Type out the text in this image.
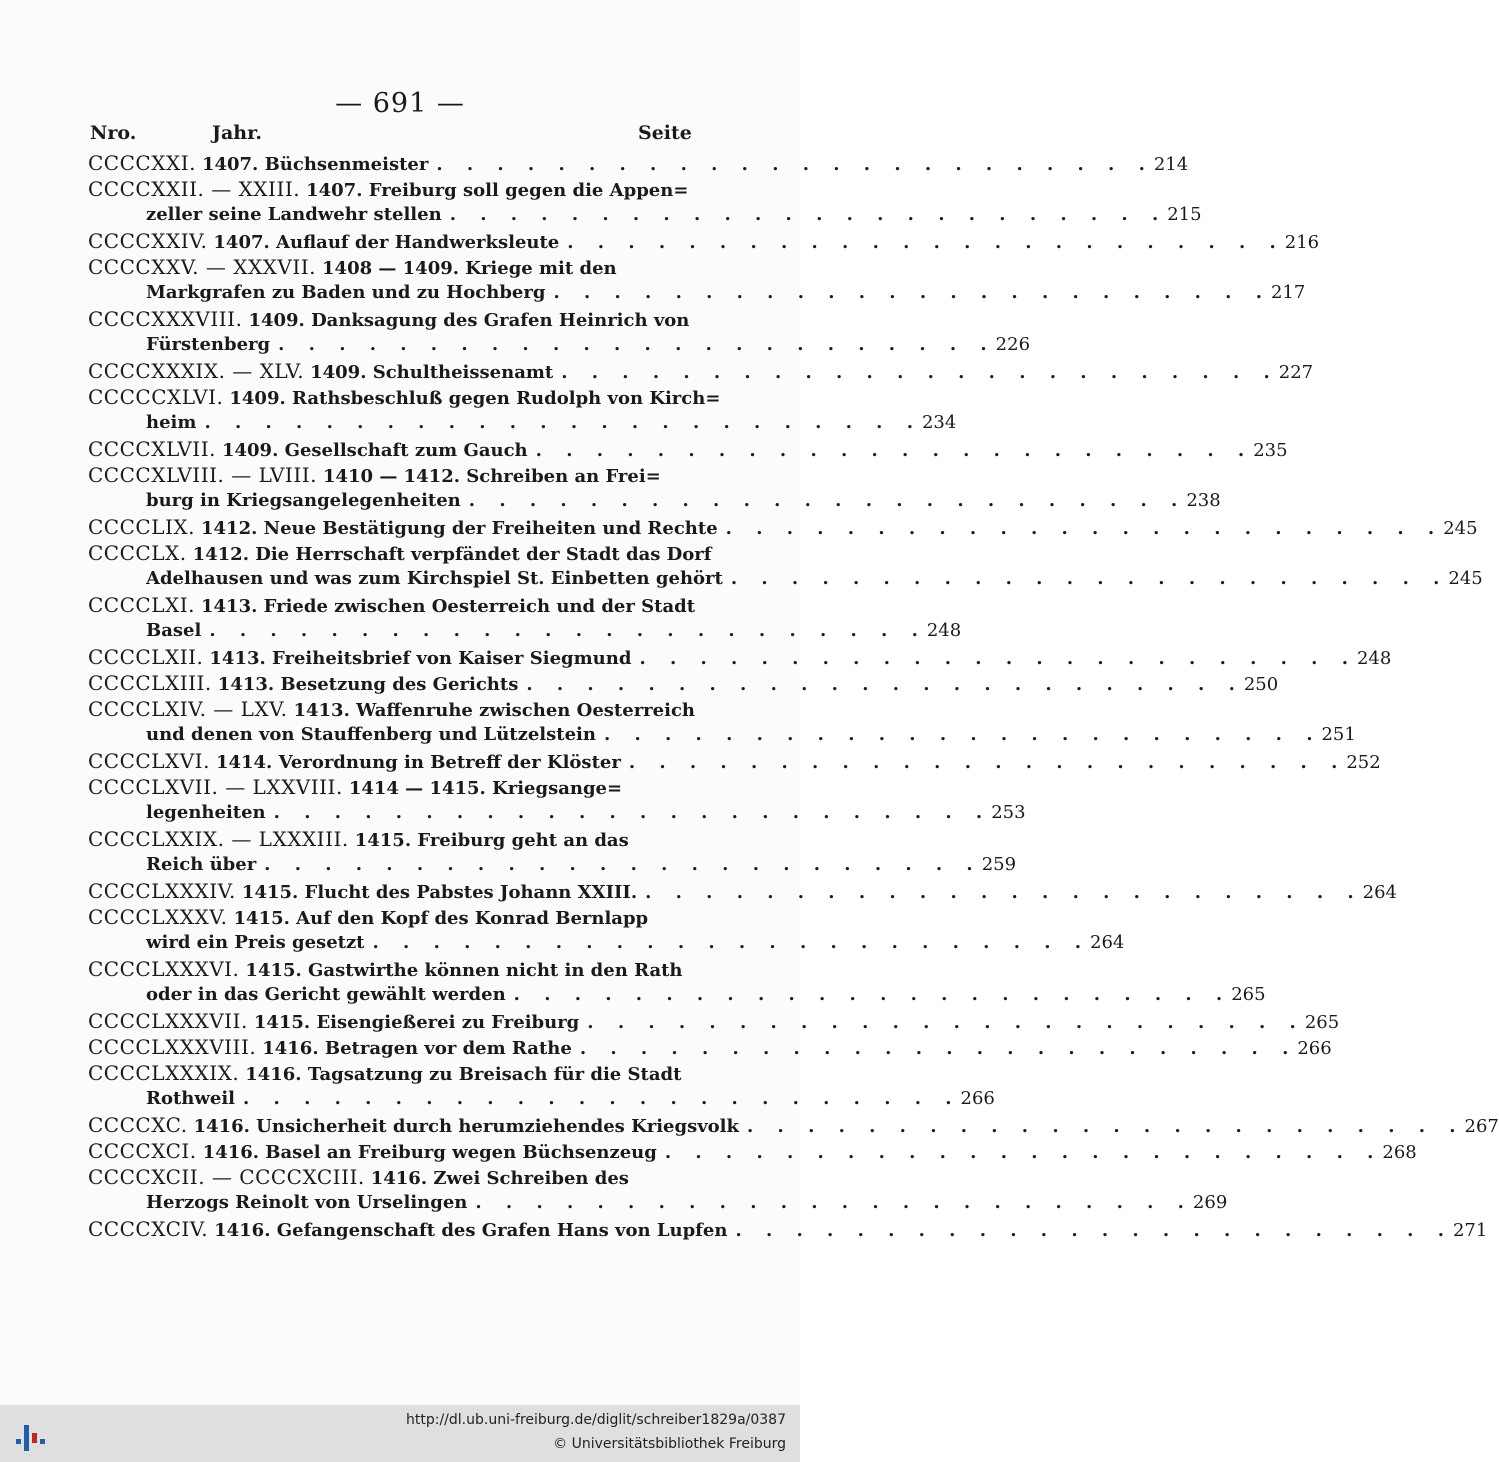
— 691 —
Nro.	Jahr.	Seite
CCCCXXI. 1407. Büchsenmeister . . . . . . . . . . . . . . . . . . . . . . . . 214
CCCCXXII. — XXIII. 1407. Freiburg soll gegen die Appen=
zeller seine Landwehr stellen . . . . . . . . . . . . . . . . . . . . . . . . 215
CCCCXXIV. 1407. Auflauf der Handwerksleute . . . . . . . . . . . . . . . . . . . . . . . . 216
CCCCXXV. — XXXVII. 1408 — 1409. Kriege mit den
Markgrafen zu Baden und zu Hochberg . . . . . . . . . . . . . . . . . . . . . . . . 217
CCCCXXXVIII. 1409. Danksagung des Grafen Heinrich von
Fürstenberg . . . . . . . . . . . . . . . . . . . . . . . . 226
CCCCXXXIX. — XLV. 1409. Schultheissenamt . . . . . . . . . . . . . . . . . . . . . . . . 227
CCCCCXLVI. 1409. Rathsbeschluß gegen Rudolph von Kirch=
heim . . . . . . . . . . . . . . . . . . . . . . . . 234
CCCCXLVII. 1409. Gesellschaft zum Gauch . . . . . . . . . . . . . . . . . . . . . . . . 235
CCCCXLVIII. — LVIII. 1410 — 1412. Schreiben an Frei=
burg in Kriegsangelegenheiten . . . . . . . . . . . . . . . . . . . . . . . . 238
CCCCLIX. 1412. Neue Bestätigung der Freiheiten und Rechte . . . . . . . . . . . . . . . . . . . . . . . . 245
CCCCLX. 1412. Die Herrschaft verpfändet der Stadt das Dorf
Adelhausen und was zum Kirchspiel St. Einbetten gehört . . . . . . . . . . . . . . . . . . . . . . . . 245
CCCCLXI. 1413. Friede zwischen Oesterreich und der Stadt
Basel . . . . . . . . . . . . . . . . . . . . . . . . 248
CCCCLXII. 1413. Freiheitsbrief von Kaiser Siegmund . . . . . . . . . . . . . . . . . . . . . . . . 248
CCCCLXIII. 1413. Besetzung des Gerichts . . . . . . . . . . . . . . . . . . . . . . . . 250
CCCCLXIV. — LXV. 1413. Waffenruhe zwischen Oesterreich
und denen von Stauffenberg und Lützelstein . . . . . . . . . . . . . . . . . . . . . . . . 251
CCCCLXVI. 1414. Verordnung in Betreff der Klöster . . . . . . . . . . . . . . . . . . . . . . . . 252
CCCCLXVII. — LXXVIII. 1414 — 1415. Kriegsange=
legenheiten . . . . . . . . . . . . . . . . . . . . . . . . 253
CCCCLXXIX. — LXXXIII. 1415. Freiburg geht an das
Reich über . . . . . . . . . . . . . . . . . . . . . . . . 259
CCCCLXXXIV. 1415. Flucht des Pabstes Johann XXIII. . . . . . . . . . . . . . . . . . . . . . . . . 264
CCCCLXXXV. 1415. Auf den Kopf des Konrad Bernlapp
wird ein Preis gesetzt . . . . . . . . . . . . . . . . . . . . . . . . 264
CCCCLXXXVI. 1415. Gastwirthe können nicht in den Rath
oder in das Gericht gewählt werden . . . . . . . . . . . . . . . . . . . . . . . . 265
CCCCLXXXVII. 1415. Eisengießerei zu Freiburg . . . . . . . . . . . . . . . . . . . . . . . . 265
CCCCLXXXVIII. 1416. Betragen vor dem Rathe . . . . . . . . . . . . . . . . . . . . . . . . 266
CCCCLXXXIX. 1416. Tagsatzung zu Breisach für die Stadt
Rothweil . . . . . . . . . . . . . . . . . . . . . . . . 266
CCCCXC. 1416. Unsicherheit durch herumziehendes Kriegsvolk . . . . . . . . . . . . . . . . . . . . . . . . 267
CCCCXCI. 1416. Basel an Freiburg wegen Büchsenzeug . . . . . . . . . . . . . . . . . . . . . . . . 268
CCCCXCII. — CCCCXCIII. 1416. Zwei Schreiben des
Herzogs Reinolt von Urselingen . . . . . . . . . . . . . . . . . . . . . . . . 269
CCCCXCIV. 1416. Gefangenschaft des Grafen Hans von Lupfen . . . . . . . . . . . . . . . . . . . . . . . . 271
http://dl.ub.uni-freiburg.de/diglit/schreiber1829a/0387
© Universitätsbibliothek Freiburg
